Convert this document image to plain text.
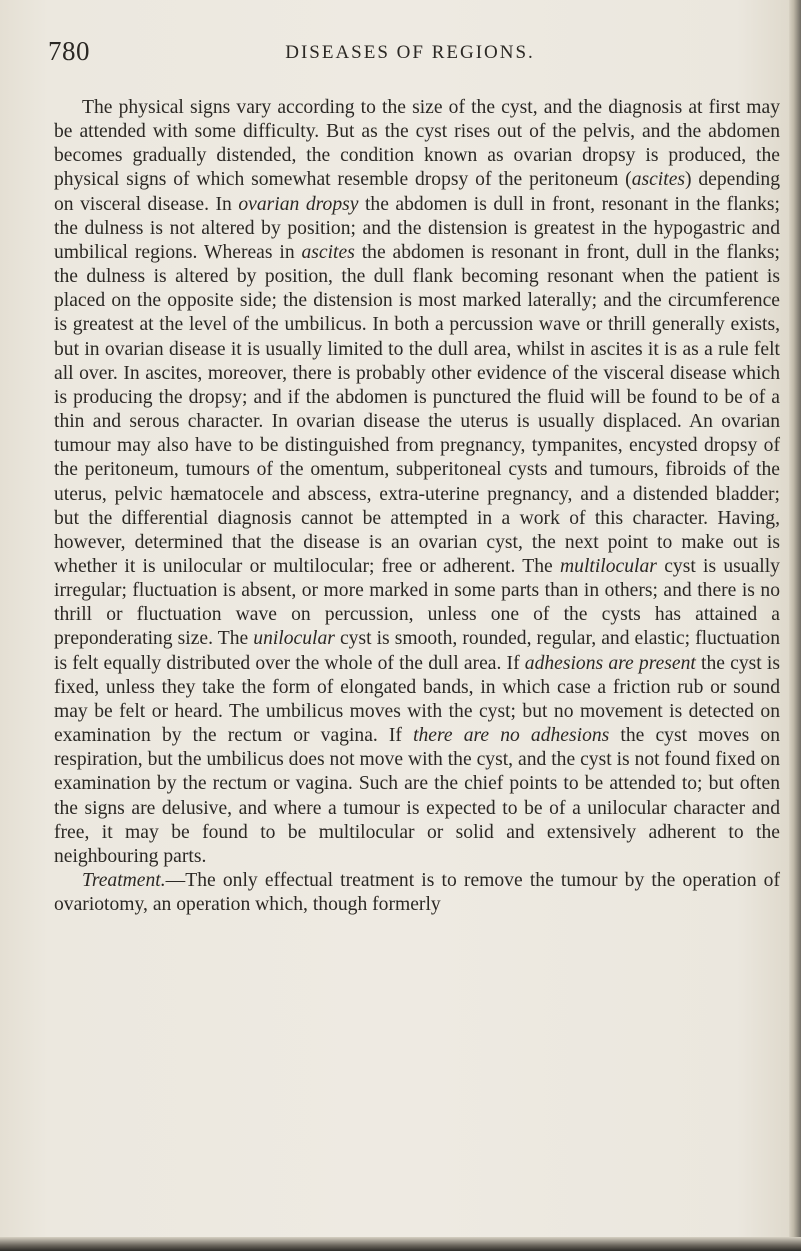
780	DISEASES OF REGIONS.

The physical signs vary according to the size of the cyst, and the diagnosis at first may be attended with some difficulty. But as the cyst rises out of the pelvis, and the abdomen becomes gradually distended, the condition known as ovarian dropsy is produced, the physical signs of which somewhat resemble dropsy of the peritoneum (ascites) depending on visceral disease. In ovarian dropsy the abdomen is dull in front, resonant in the flanks; the dulness is not altered by position; and the distension is greatest in the hypogastric and umbilical regions. Whereas in ascites the abdomen is resonant in front, dull in the flanks; the dulness is altered by position, the dull flank becoming resonant when the patient is placed on the opposite side; the distension is most marked laterally; and the circumference is greatest at the level of the umbilicus. In both a percussion wave or thrill generally exists, but in ovarian disease it is usually limited to the dull area, whilst in ascites it is as a rule felt all over. In ascites, moreover, there is probably other evidence of the visceral disease which is producing the dropsy; and if the abdomen is punctured the fluid will be found to be of a thin and serous character. In ovarian disease the uterus is usually displaced. An ovarian tumour may also have to be distinguished from pregnancy, tympanites, encysted dropsy of the peritoneum, tumours of the omentum, subperitoneal cysts and tumours, fibroids of the uterus, pelvic hæmatocele and abscess, extra-uterine pregnancy, and a distended bladder; but the differential diagnosis cannot be attempted in a work of this character. Having, however, determined that the disease is an ovarian cyst, the next point to make out is whether it is unilocular or multilocular; free or adherent. The multilocular cyst is usually irregular; fluctuation is absent, or more marked in some parts than in others; and there is no thrill or fluctuation wave on percussion, unless one of the cysts has attained a preponderating size. The unilocular cyst is smooth, rounded, regular, and elastic; fluctuation is felt equally distributed over the whole of the dull area. If adhesions are present the cyst is fixed, unless they take the form of elongated bands, in which case a friction rub or sound may be felt or heard. The umbilicus moves with the cyst; but no movement is detected on examination by the rectum or vagina. If there are no adhesions the cyst moves on respiration, but the umbilicus does not move with the cyst, and the cyst is not found fixed on examination by the rectum or vagina. Such are the chief points to be attended to; but often the signs are delusive, and where a tumour is expected to be of a unilocular character and free, it may be found to be multilocular or solid and extensively adherent to the neighbouring parts.

Treatment.—The only effectual treatment is to remove the tumour by the operation of ovariotomy, an operation which, though formerly
